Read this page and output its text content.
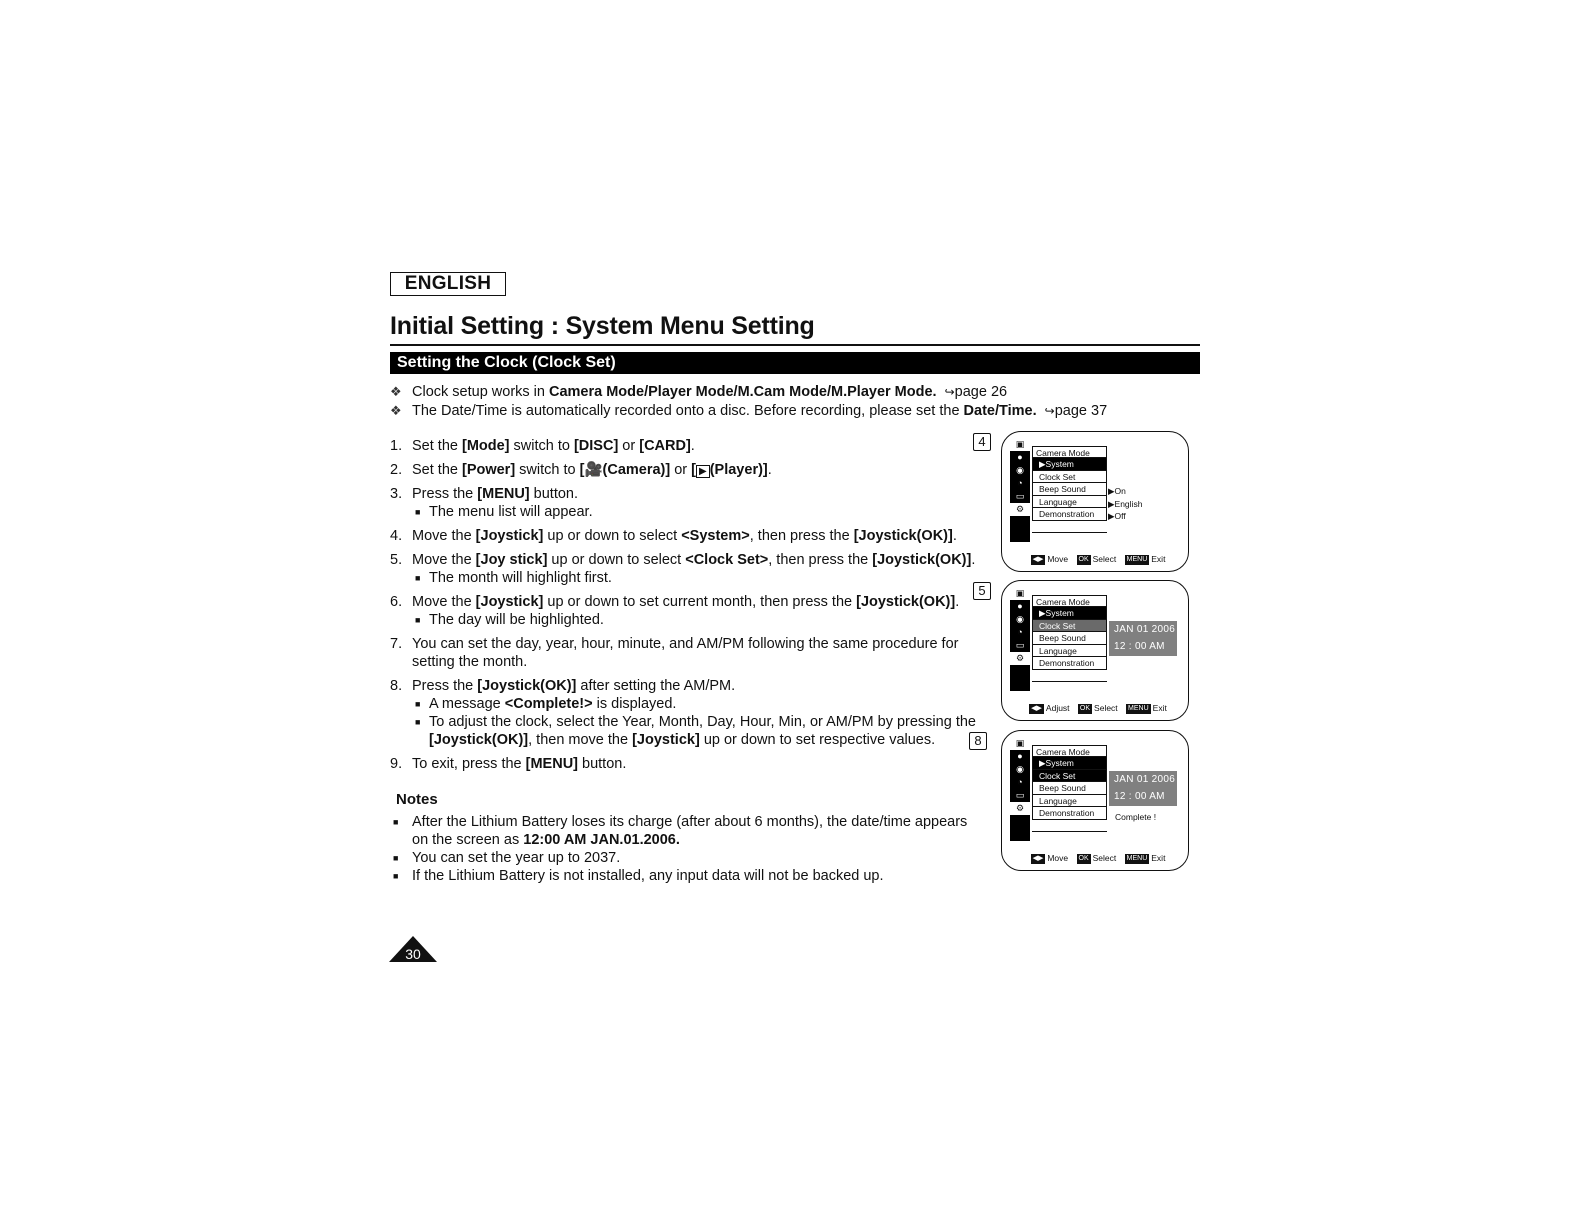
ENGLISH
Initial Setting : System Menu Setting
Setting the Clock (Clock Set)
❖ Clock setup works in Camera Mode/Player Mode/M.Cam Mode/M.Player Mode. ↪page 26
❖ The Date/Time is automatically recorded onto a disc. Before recording, please set the Date/Time. ↪page 37
1. Set the [Mode] switch to [DISC] or [CARD].
2. Set the [Power] switch to [🎥(Camera)] or [ ▶ (Player)].
3. Press the [MENU] button.
■ The menu list will appear.
4. Move the [Joystick] up or down to select <System>, then press the [Joystick(OK)].
5. Move the [Joy stick] up or down to select <Clock Set>, then press the [Joystick(OK)].
■ The month will highlight first.
6. Move the [Joystick] up or down to set current month, then press the [Joystick(OK)].
■ The day will be highlighted.
7. You can set the day, year, hour, minute, and AM/PM following the same procedure for setting the month.
8. Press the [Joystick(OK)] after setting the AM/PM.
■ A message <Complete!> is displayed.
■ To adjust the clock, select the Year, Month, Day, Hour, Min, or AM/PM by pressing the [Joystick(OK)], then move the [Joystick] up or down to set respective values.
9. To exit, press the [MENU] button.
Notes
■ After the Lithium Battery loses its charge (after about 6 months), the date/time appears on the screen as 12:00 AM JAN.01.2006.
■ You can set the year up to 2037.
■ If the Lithium Battery is not installed, any input data will not be backed up.
30
4	▣
●
◉
◔
▭
⚙
Camera Mode
▶System
Clock Set
Beep Sound
Language
Demonstration
▶On
▶English
▶Off
◀▶ Move OK Select MENU Exit
5	▣
●
◉
◔
▭
⚙
Camera Mode
▶System
Clock Set
Beep Sound
Language
Demonstration
JAN 01 2006
12 : 00 AM
◀▶ Adjust OK Select MENU Exit
8	▣
●
◉
◔
▭
⚙
Camera Mode
▶System
Clock Set
Beep Sound
Language
Demonstration
JAN 01 2006
12 : 00 AM
Complete !
◀▶ Move OK Select MENU Exit
